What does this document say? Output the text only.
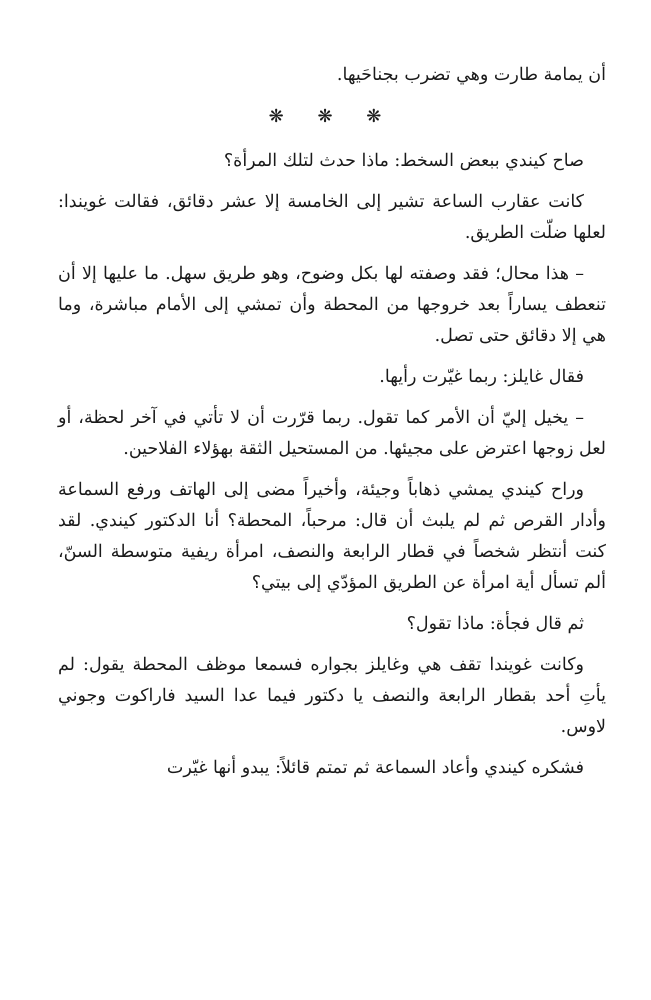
أن يمامة طارت وهي تضرب بجناحَيها.

❋ ❋ ❋

صاح كيندي ببعض السخط: ماذا حدث لتلك المرأة؟

كانت عقارب الساعة تشير إلى الخامسة إلا عشر دقائق، فقالت غويندا: لعلها ضلّت الطريق.

– هذا محال؛ فقد وصفته لها بكل وضوح، وهو طريق سهل. ما عليها إلا أن تنعطف يساراً بعد خروجها من المحطة وأن تمشي إلى الأمام مباشرة، وما هي إلا دقائق حتى تصل.

فقال غايلز: ربما غيّرت رأيها.

– يخيل إليّ أن الأمر كما تقول. ربما قرّرت أن لا تأتي في آخر لحظة، أو لعل زوجها اعترض على مجيئها. من المستحيل الثقة بهؤلاء الفلاحين.

وراح كيندي يمشي ذهاباً وجيئة، وأخيراً مضى إلى الهاتف ورفع السماعة وأدار القرص ثم لم يلبث أن قال: مرحباً، المحطة؟ أنا الدكتور كيندي. لقد كنت أنتظر شخصاً في قطار الرابعة والنصف، امرأة ريفية متوسطة السنّ، ألم تسأل أية امرأة عن الطريق المؤدّي إلى بيتي؟

ثم قال فجأة: ماذا تقول؟

وكانت غويندا تقف هي وغايلز بجواره فسمعا موظف المحطة يقول: لم يأتِ أحد بقطار الرابعة والنصف يا دكتور فيما عدا السيد فاراكوت وجوني لاوس.

فشكره كيندي وأعاد السماعة ثم تمتم قائلاً: يبدو أنها غيّرت
